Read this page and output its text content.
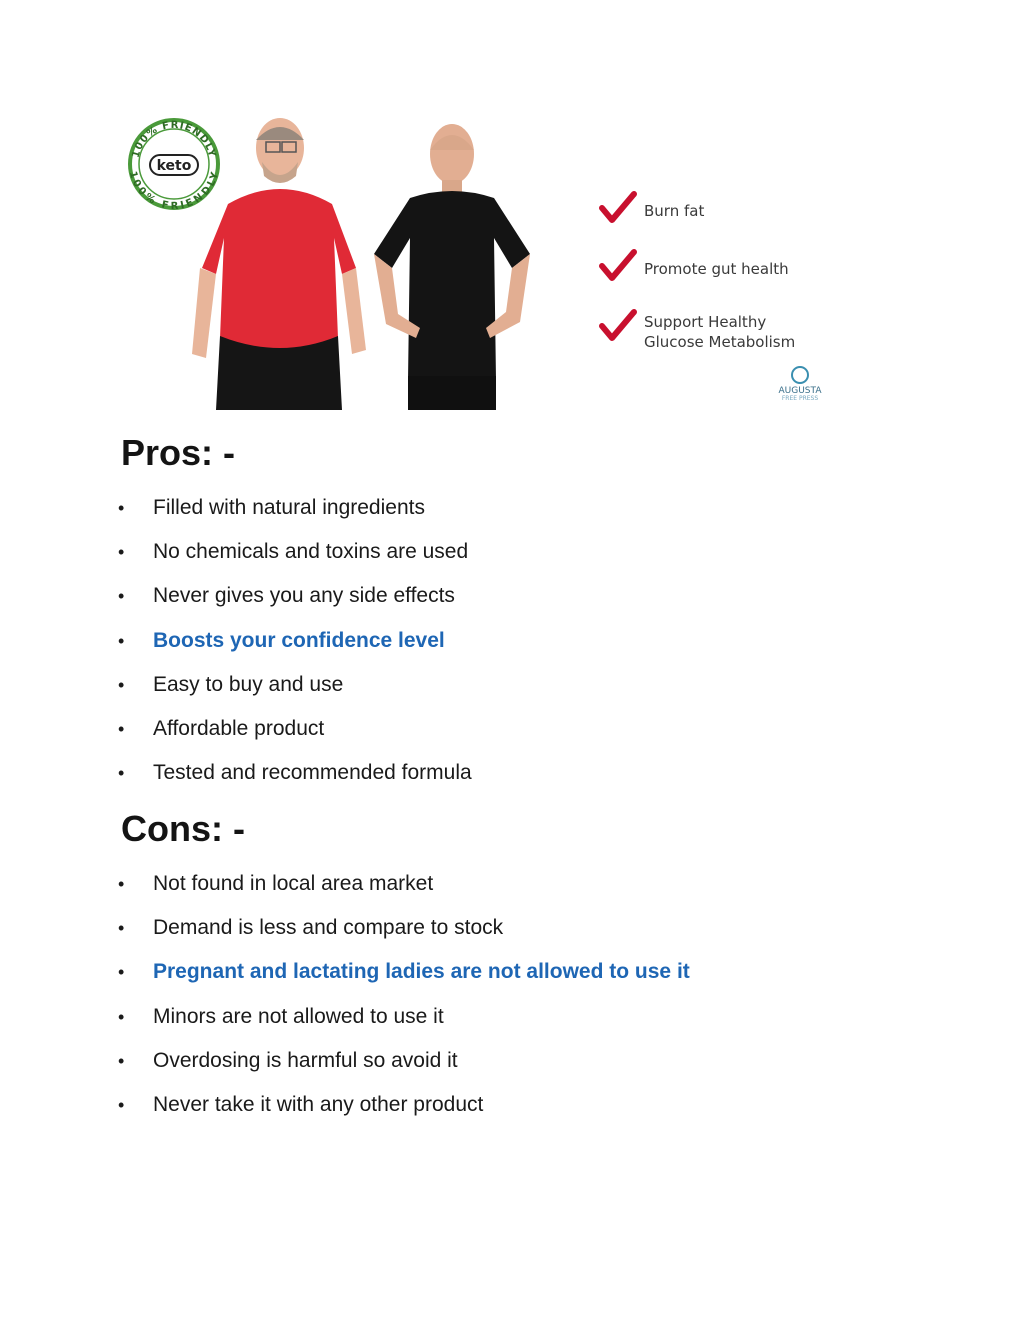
100% FRIENDLY
100% FRIENDLY
keto
Burn fat
Promote gut health
Support Healthy
Glucose Metabolism
AUGUSTA
FREE PRESS
Pros: -
•	Filled with natural ingredients
•	No chemicals and toxins are used
•	Never gives you any side effects
•	Boosts your confidence level
•	Easy to buy and use
•	Affordable product
•	Tested and recommended formula
Cons: -
•	Not found in local area market
•	Demand is less and compare to stock
•	Pregnant and lactating ladies are not allowed to use it
•	Minors are not allowed to use it
•	Overdosing is harmful so avoid it
•	Never take it with any other product
